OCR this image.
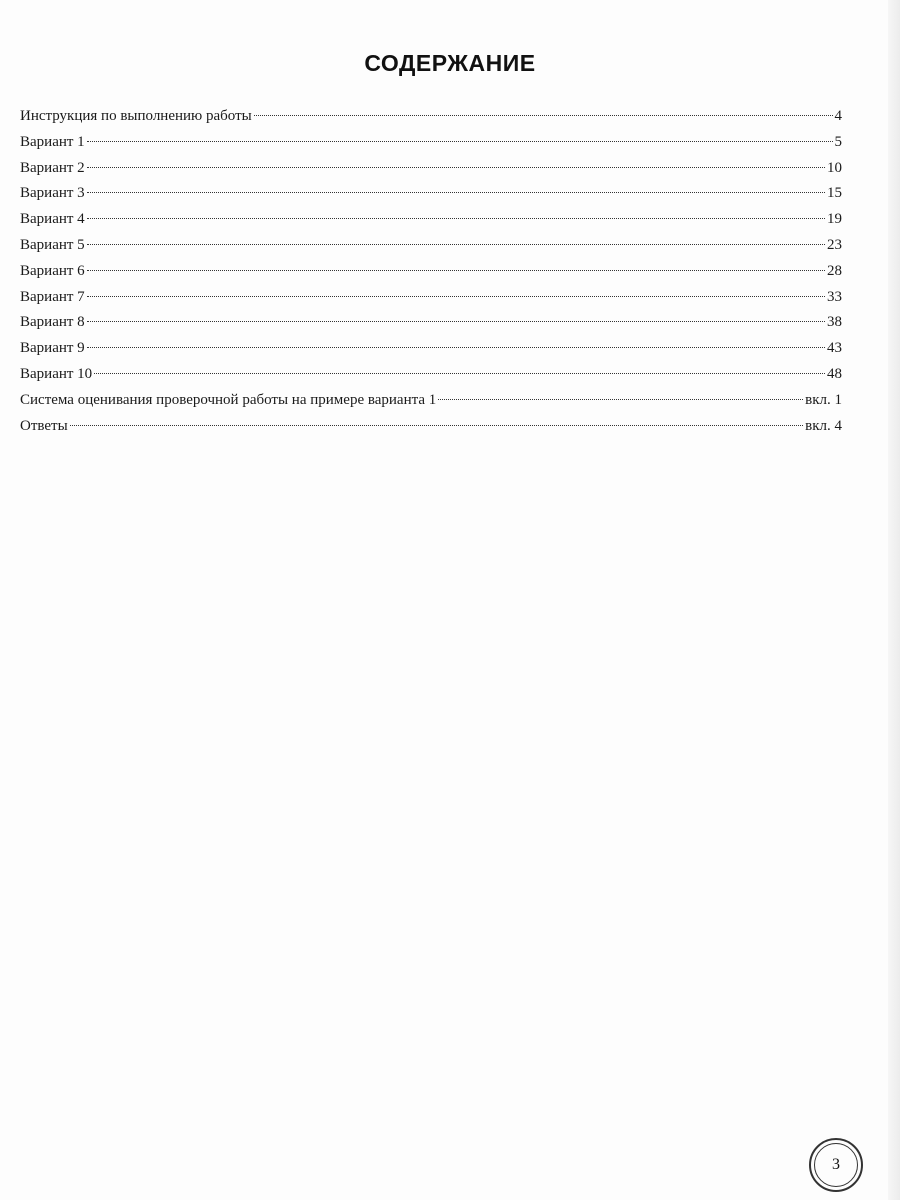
СОДЕРЖАНИЕ
Инструкция по выполнению работы	4
Вариант 1	5
Вариант 2	10
Вариант 3	15
Вариант 4	19
Вариант 5	23
Вариант 6	28
Вариант 7	33
Вариант 8	38
Вариант 9	43
Вариант 10	48
Система оценивания проверочной работы на примере варианта 1	вкл. 1
Ответы	вкл. 4
3
